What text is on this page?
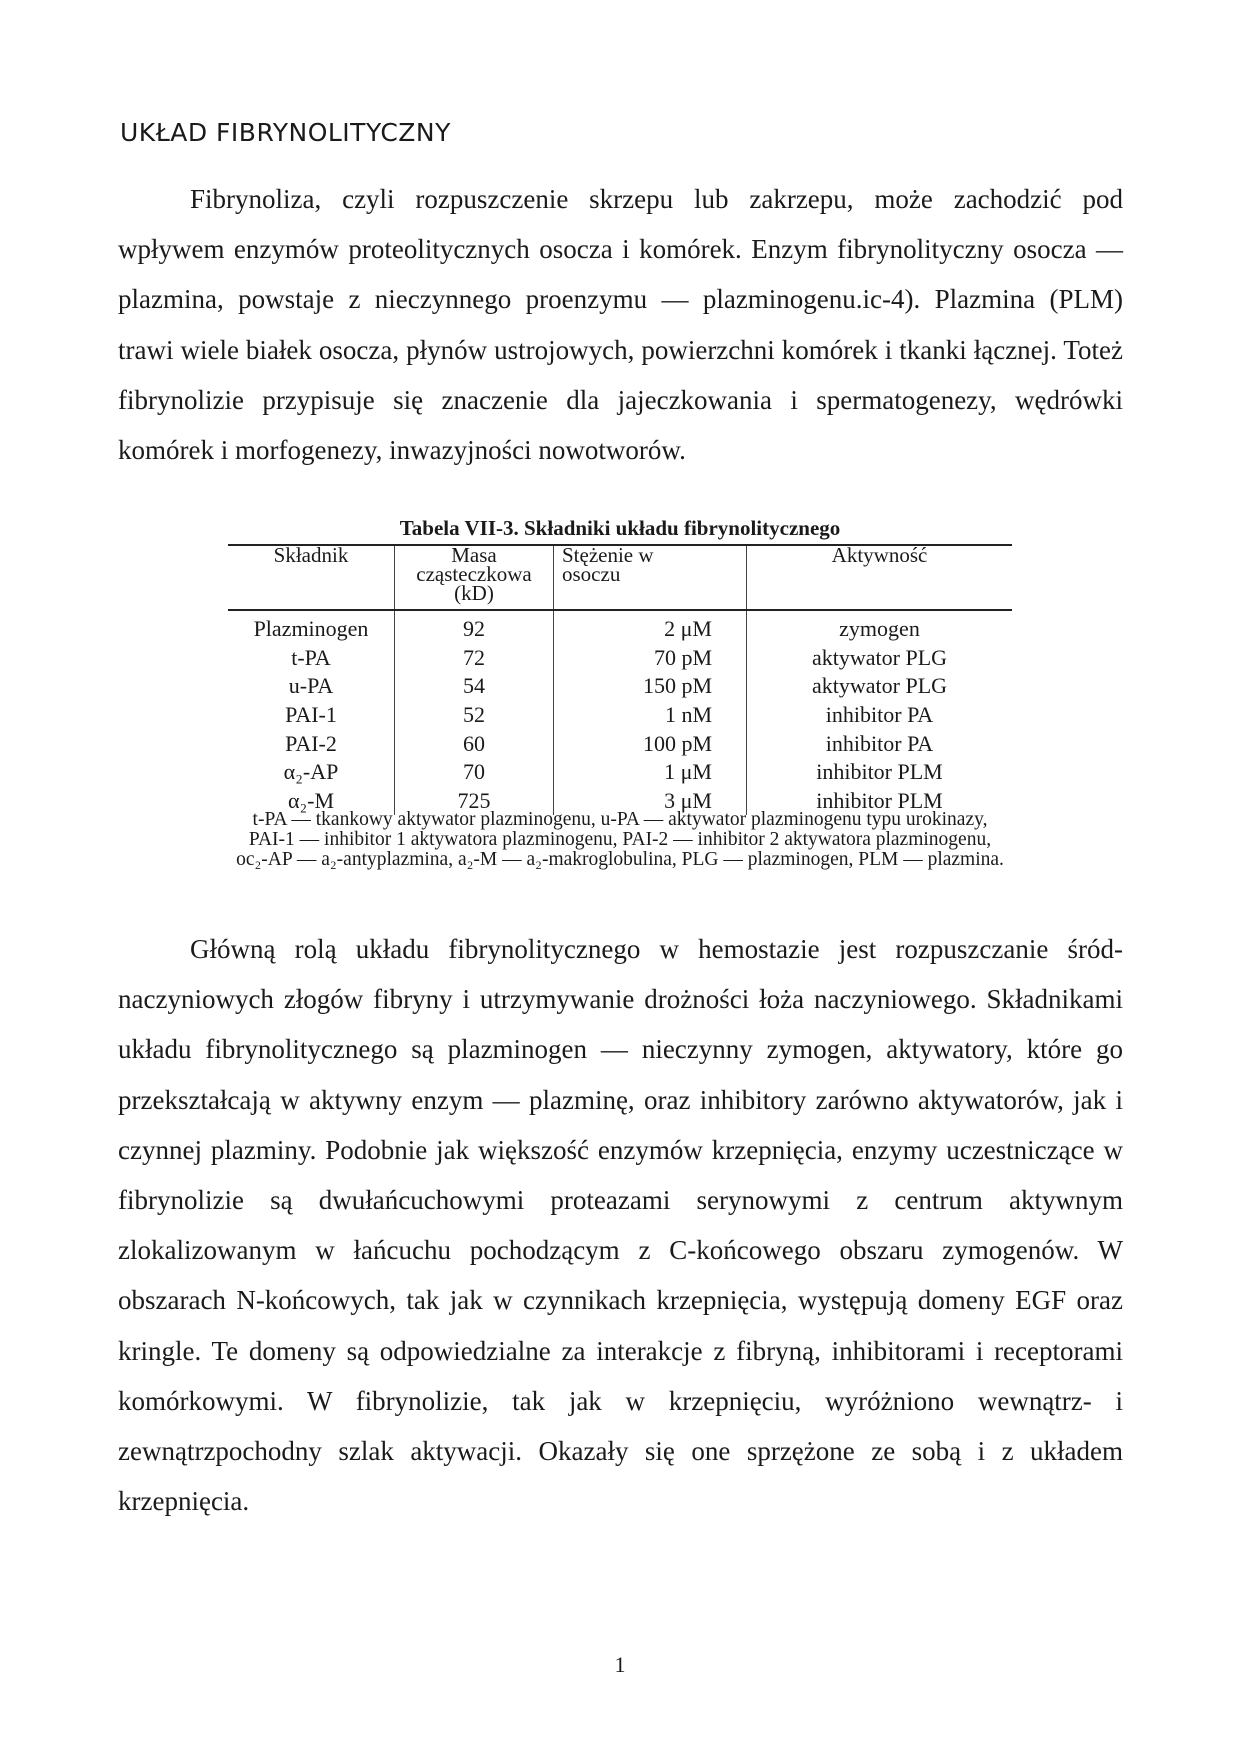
UKŁAD FIBRYNOLITYCZNY

Fibrynoliza, czyli rozpuszczenie skrzepu lub zakrzepu, może zachodzić pod wpływem enzymów proteolitycznych osocza i komórek. Enzym fibrynolityczny osocza — plazmina, powstaje z nieczynnego proenzymu — plazminogenu.ic-4). Plazmina (PLM) trawi wiele białek osocza, płynów ustrojowych, powierzchni komórek i tkanki łącznej. Toteż fibrynolizie przypisuje się znaczenie dla jajeczkowania i spermatogenezy, wędrówki komórek i morfogenezy, inwazyjności nowotworów.

Tabela VII-3. Składniki układu fibrynolitycznego
Składnik	Masa cząsteczkowa (kD)	Stężenie w osoczu	Aktywność
Plazminogen	92	2 μM	zymogen
t-PA	72	70 pM	aktywator PLG
u-PA	54	150 pM	aktywator PLG
PAI-1	52	1 nM	inhibitor PA
PAI-2	60	100 pM	inhibitor PA
α₂-AP	70	1 μM	inhibitor PLM
α₂-M	725	3 μM	inhibitor PLM
t-PA — tkankowy aktywator plazminogenu, u-PA — aktywator plazminogenu typu urokinazy,
PAI-1 — inhibitor 1 aktywatora plazminogenu, PAI-2 — inhibitor 2 aktywatora plazminogenu,
oc₂-AP — a₂-antyplazmina, a₂-M — a₂-makroglobulina, PLG — plazminogen, PLM — plazmina.

Główną rolą układu fibrynolitycznego w hemostazie jest rozpuszczanie śródnaczyniowych złogów fibryny i utrzymywanie drożności łoża naczyniowego. Składnikami układu fibrynolitycznego są plazminogen — nieczynny zymogen, aktywatory, które go przekształcają w aktywny enzym — plazminę, oraz inhibitory zarówno aktywatorów, jak i czynnej plazminy. Podobnie jak większość enzymów krzepnięcia, enzymy uczestniczące w fibrynolizie są dwułańcuchowymi proteazami serynowymi z centrum aktywnym zlokalizowanym w łańcuchu pochodzącym z C-końcowego obszaru zymogenów. W obszarach N-końcowych, tak jak w czynnikach krzepnięcia, występują domeny EGF oraz kringle. Te domeny są odpowiedzialne za interakcje z fibryną, inhibitorami i receptorami komórkowymi. W fibrynolizie, tak jak w krzepnięciu, wyróżniono wewnątrz- i zewnątrzpochodny szlak aktywacji. Okazały się one sprzężone ze sobą i z układem krzepnięcia.

1
